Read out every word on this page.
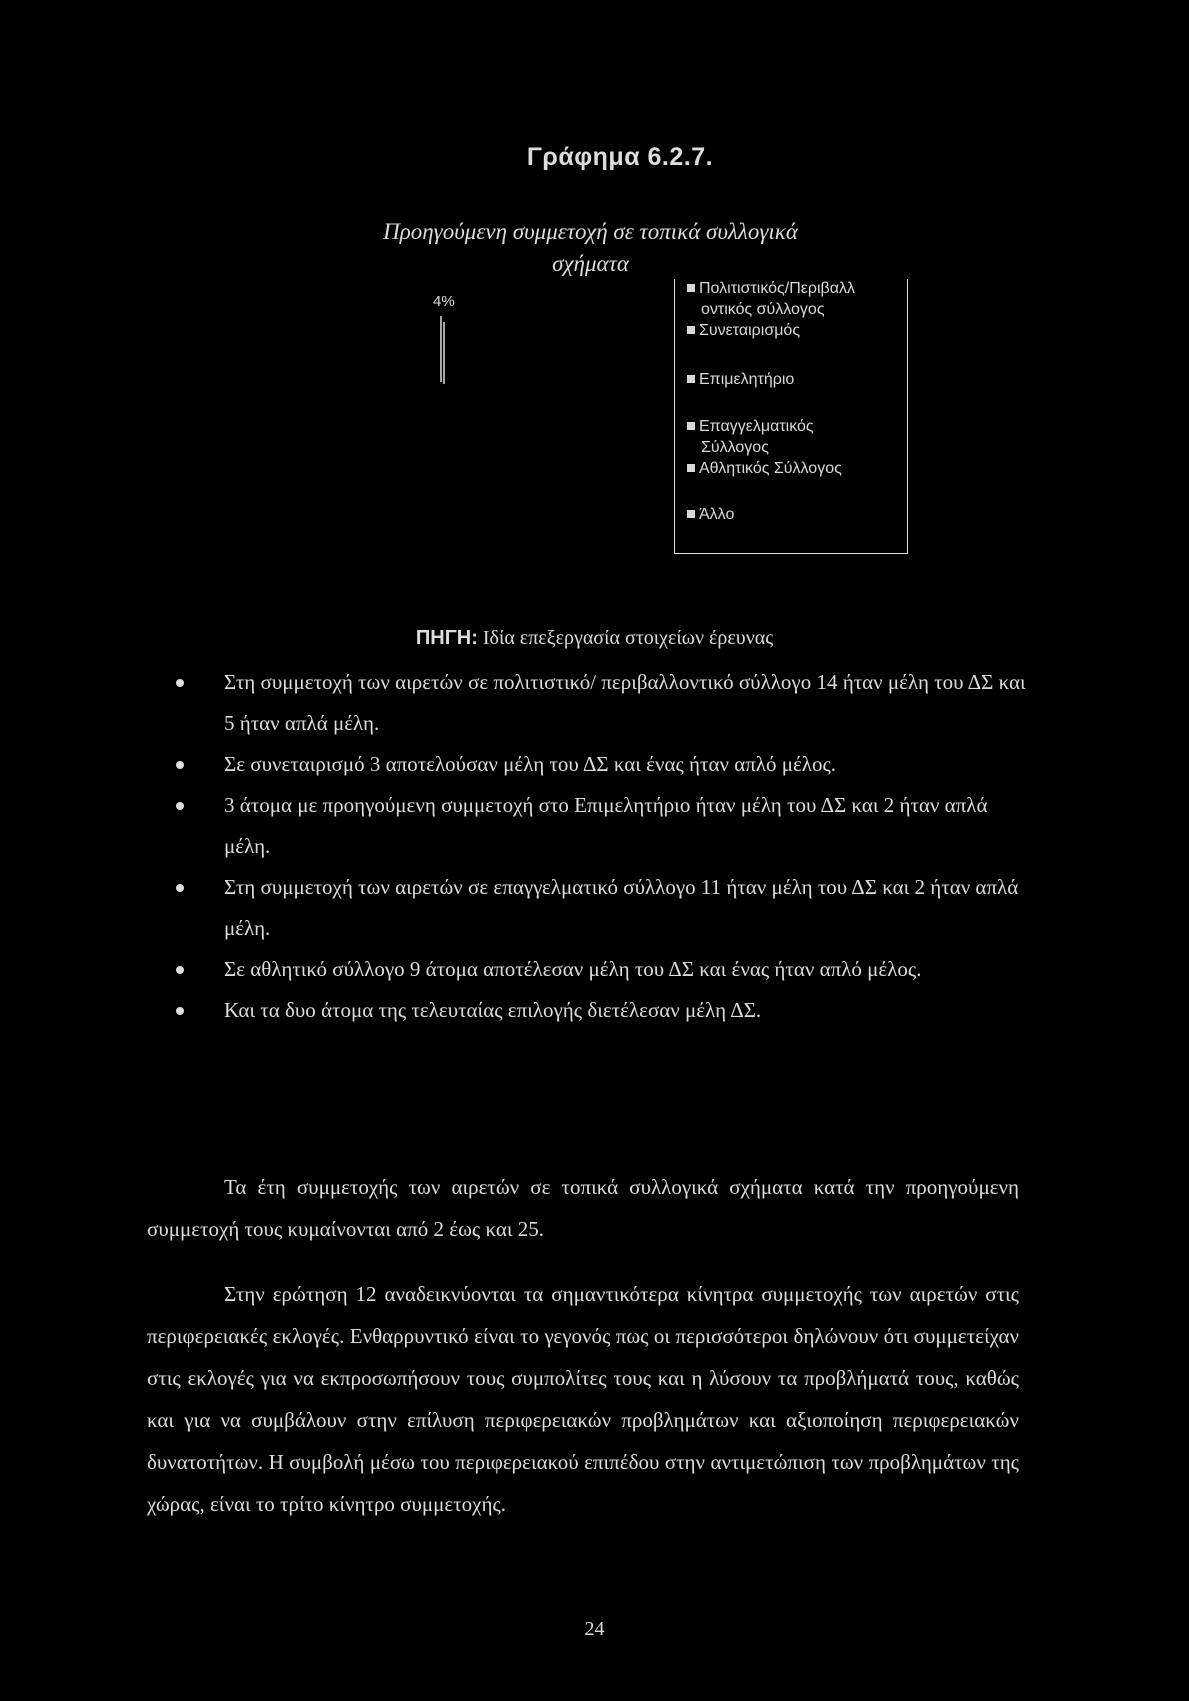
Γράφημα 6.2.7.
Προηγούμενη συμμετοχή σε τοπικά συλλογικά
σχήματα
4%
Πολιτιστικός/Περιβαλλ
οντικός σύλλογος
Συνεταιρισμός
Επιμελητήριο
Επαγγελματικός
Σύλλογος
Αθλητικός Σύλλογος
Άλλο
ΠΗΓΗ: Ιδία επεξεργασία στοιχείων έρευνας
Στη συμμετοχή των αιρετών σε πολιτιστικό/ περιβαλλοντικό σύλλογο 14 ήταν μέλη του ΔΣ και 5 ήταν απλά μέλη.
Σε συνεταιρισμό 3 αποτελούσαν μέλη του ΔΣ και ένας ήταν απλό μέλος.
3 άτομα με προηγούμενη συμμετοχή στο Επιμελητήριο ήταν μέλη του ΔΣ και 2 ήταν απλά μέλη.
Στη συμμετοχή των αιρετών σε επαγγελματικό σύλλογο 11 ήταν μέλη του ΔΣ και 2 ήταν απλά μέλη.
Σε αθλητικό σύλλογο 9 άτομα αποτέλεσαν μέλη του ΔΣ και ένας ήταν απλό μέλος.
Και τα δυο άτομα της τελευταίας επιλογής διετέλεσαν μέλη ΔΣ.
Τα έτη συμμετοχής των αιρετών σε τοπικά συλλογικά σχήματα κατά την προηγούμενη συμμετοχή τους κυμαίνονται από 2 έως και 25.
Στην ερώτηση 12 αναδεικνύονται τα σημαντικότερα κίνητρα συμμετοχής των αιρετών στις περιφερειακές εκλογές. Ενθαρρυντικό είναι το γεγονός πως οι περισσότεροι δηλώνουν ότι συμμετείχαν στις εκλογές για να εκπροσωπήσουν τους συμπολίτες τους και η λύσουν τα προβλήματά τους, καθώς και για να συμβάλουν στην επίλυση περιφερειακών προβλημάτων και αξιοποίηση περιφερειακών δυνατοτήτων. Η συμβολή μέσω του περιφερειακού επιπέδου στην αντιμετώπιση των προβλημάτων της χώρας, είναι το τρίτο κίνητρο συμμετοχής.
24
